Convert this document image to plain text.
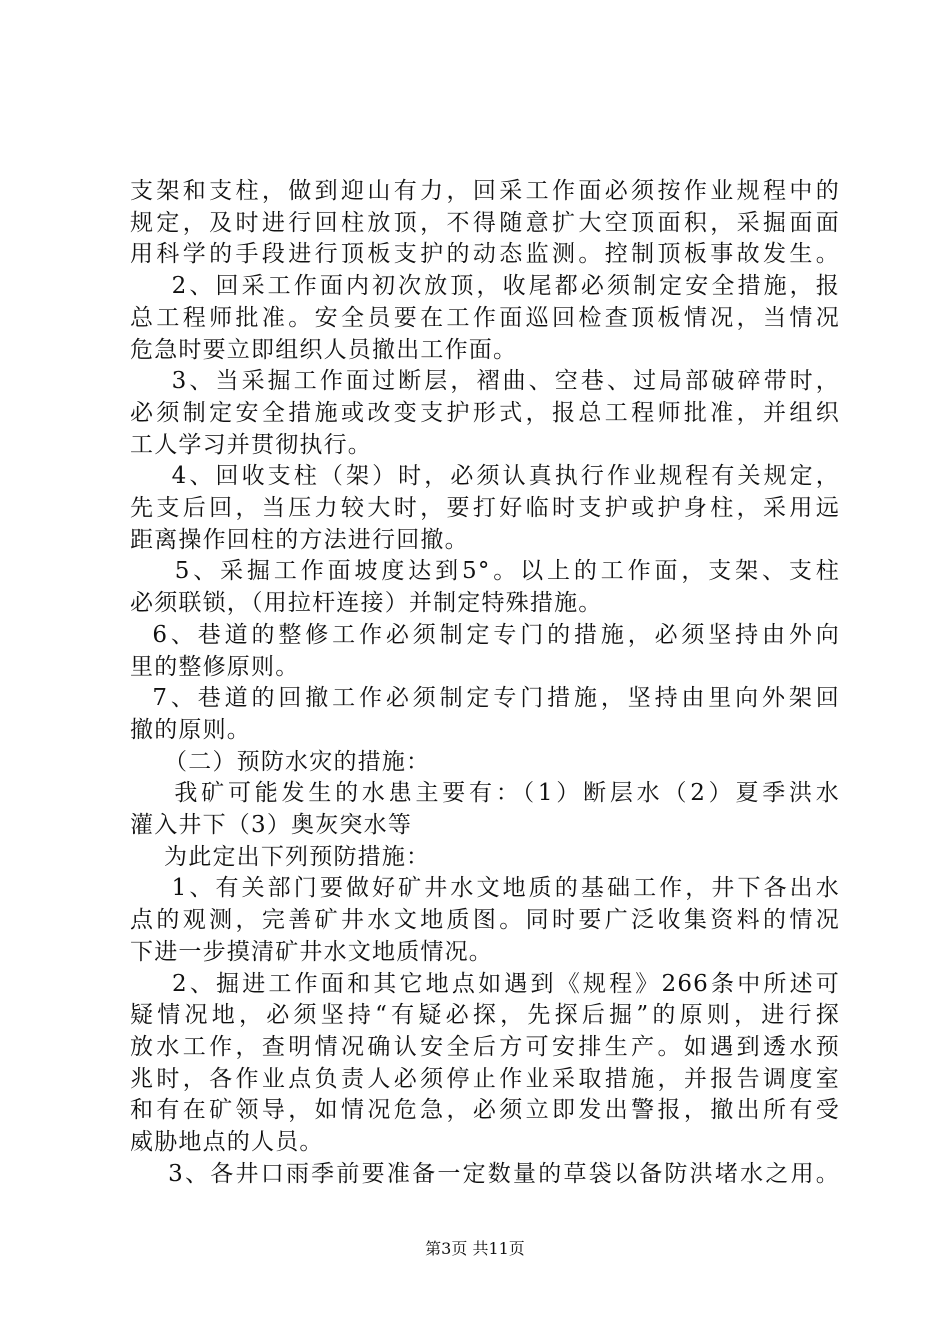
支架和支柱，做到迎山有力，回采工作面必须按作业规程中的
规定，及时进行回柱放顶，不得随意扩大空顶面积，采掘面面
用科学的手段进行顶板支护的动态监测。控制顶板事故发生。
2、回采工作面内初次放顶，收尾都必须制定安全措施，报
总工程师批准。安全员要在工作面巡回检查顶板情况，当情况
危急时要立即组织人员撤出工作面。
3、当采掘工作面过断层，褶曲、空巷、过局部破碎带时，
必须制定安全措施或改变支护形式，报总工程师批准，并组织
工人学习并贯彻执行。
4、回收支柱（架）时，必须认真执行作业规程有关规定，
先支后回，当压力较大时，要打好临时支护或护身柱，采用远
距离操作回柱的方法进行回撤。
5、采掘工作面坡度达到5°。以上的工作面，支架、支柱
必须联锁，（用拉杆连接）并制定特殊措施。
6、巷道的整修工作必须制定专门的措施，必须坚持由外向
里的整修原则。
7、巷道的回撤工作必须制定专门措施，坚持由里向外架回
撤的原则。
（二）预防水灾的措施：
我矿可能发生的水患主要有：（1）断层水（2）夏季洪水
灌入井下（3）奥灰突水等
为此定出下列预防措施：
1、有关部门要做好矿井水文地质的基础工作，井下各出水
点的观测，完善矿井水文地质图。同时要广泛收集资料的情况
下进一步摸清矿井水文地质情况。
2、掘进工作面和其它地点如遇到《规程》266条中所述可
疑情况地，必须坚持“有疑必探，先探后掘”的原则，进行探
放水工作，查明情况确认安全后方可安排生产。如遇到透水预
兆时，各作业点负责人必须停止作业采取措施，并报告调度室
和有在矿领导，如情况危急，必须立即发出警报，撤出所有受
威胁地点的人员。
3、各井口雨季前要准备一定数量的草袋以备防洪堵水之用。
第3页 共11页
